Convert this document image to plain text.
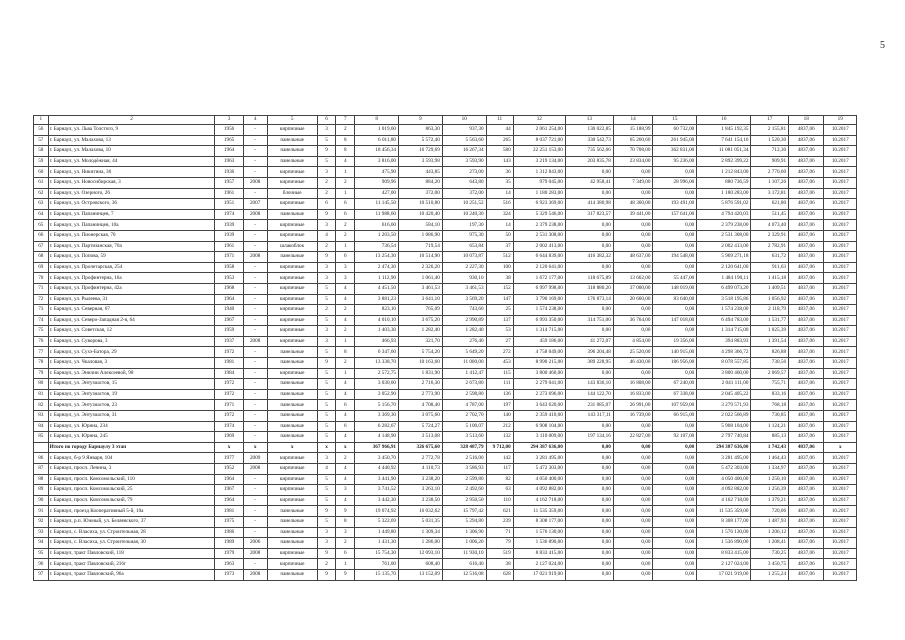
5
1	2	3	4	5	6	7	8	9	10	11	12	13	14	15	16	17	18	19
56	г. Барнаул, ул. Льва Толстого, 9	1956	-	кирпичные	3	2	1 019,60	863,30	937,30	44	2 061 254,00	130 022,85	15 188,99	60 732,00	1 845 192,35	2 155,81	4837,06	10.2017
57	г. Барнаул, ул. Малахова, 13	1965	-	панельные	5	8	6 011,80	5 572,40	5 563,60	265	8 037 721,00	330 542,73	65 260,60	261 945,00	7 641 154,16	1 520,30	4837,06	10.2017
58	г. Барнаул, ул. Малахова, 10	1964	-	панельные	9	8	18 456,34	16 729,69	16 267,34	580	22 251 153,00	735 562,66	70 708,00	362 831,00	11 081 051,34	712,30	4837,06	10.2017
59	г. Барнаул, ул. Молодёжная, 44	1963	-	панельные	5	4	3 816,00	3 593,98	3 593,90	143	3 219 134,00	203 835,78	23 834,00	95 236,00	2 892 399,22	909,91	4837,06	10.2017
60	г. Барнаул, ул. Никитина, 36	1936	-	кирпичные	3	1	475,90	443,85	273,00	36	1 312 843,00	0,00	0,00	0,00	1 212 843,00	2 770,60	4837,06	10.2017
61	г. Барнаул, ул. Новосибирская, 3	1957	2008	кирпичные	2	2	909,96	884,20	643,80	35	979 045,00	42 958,41	7 349,00	28 996,00	880 736,59	1 107,26	4837,06	10.2017
62	г. Барнаул, ул. Озерного, 26	1961	-	блочные	2	1	427,00	372,00	372,00	14	1 180 283,00	0,00	0,00	0,00	1 180 283,00	3 172,81	4837,06	10.2017
63	г. Барнаул, ул. Островского, 36	1951	2007	кирпичные	6	6	11 145,50	10 510,80	10 251,52	516	6 923 369,00	414 380,98	48 360,00	193 491,00	5 876 591,02	621,80	4837,06	10.2017
64	г. Барнаул, ул. Папанинцев, 7	1974	2008	панельные	9	6	11 988,60	10 420,40	10 240,30	324	5 329 546,00	317 823,57	39 441,00	157 641,00	4 794 420,03	511,45	4837,06	10.2017
65	г. Барнаул, ул. Папанинцев, 10а	1939	-	кирпичные	3	2	616,60	584,10	197,30	14	2 379 238,00	0,00	0,00	0,00	2 379 238,00	4 073,40	4837,06	10.2017
66	г. Барнаул, ул. Пионерская, 70	1939	-	кирпичные	4	2	1 203,50	1 086,90	975,30	50	2 531 308,00	0,00	0,00	0,00	2 531 308,00	2 329,91	4837,06	10.2017
67	г. Барнаул, ул. Партизанская, 70а	1961	-	шлакоблок	2	1	736,54	719,54	653,84	37	2 002 413,00	0,00	0,00	0,00	2 002 413,00	2 782,91	4837,06	10.2017
68	г. Барнаул, ул. Попова, 59	1971	2008	панельные	9	6	13 254,30	10 514,90	10 073,87	512	6 644 839,00	416 382,32	48 637,00	194 548,00	5 969 271,18	631,72	4837,06	10.2017
69	г. Барнаул, ул. Пролетарская, 254	1958	-	кирпичные	3	3	2 474,30	2 326,20	2 227,30	100	2 120 641,00	0,00	0,00	0,00	2 120 641,00	911,63	4837,06	10.2017
70	г. Барнаул, ул. Профинтерна, 16а	1953	-	кирпичные	3	3	1 112,90	1 061,40	930,10	38	1 672 177,00	118 675,89	13 662,00	55 447,00	1 484 190,11	1 415,18	4837,06	10.2017
71	г. Барнаул, ул. Профинтерна, 42а	1968	-	кирпичные	5	4	4 451,50	3 461,53	3 461,53	152	6 997 998,00	318 880,20	37 000,00	148 019,00	6 499 073,20	1 409,51	4837,06	10.2017
72	г. Барнаул, ул. Рылеева, 31	1964	-	кирпичные	5	4	3 881,23	3 641,10	3 569,20	147	3 790 169,00	176 873,14	20 660,00	83 640,00	3 518 195,86	1 056,92	4837,06	10.2017
73	г. Барнаул, ул. Северная, 67	1940	-	кирпичные	2	2	823,10	765,09	743,60	25	1 574 238,00	0,00	0,00	0,00	1 574 238,00	2 118,79	4837,06	10.2017
74	г. Барнаул, ул. Северо-Западная 2-я, 64	1967	-	кирпичные	5	4	4 010,10	3 675,20	2 990,89	137	6 993 350,00	314 751,00	36 764,00	147 018,00	6 494 783,00	1 531,77	4837,06	10.2017
75	г. Барнаул, ул. Советская, 12	1959	-	кирпичные	3	2	1 403,30	1 282,40	1 282,40	53	1 314 715,00	0,00	0,00	0,00	1 314 715,00	1 025,39	4837,06	10.2017
76	г. Барнаул, ул. Суворова, 3	1937	2008	кирпичные	3	1	466,93	321,70	276,40	27	459 186,00	41 272,07	4 854,00	19 356,00	394 883,93	1 391,54	4837,06	10.2017
77	г. Барнаул, ул. Сухэ-Батора, 29	1972	-	панельные	5	8	6 347,60	5 754,20	5 649,20	272	4 758 049,00	396 204,48	25 520,00	140 915,00	4 298 366,72	826,88	4837,06	10.2017
78	г. Барнаул, ул. Чкаловая, 3	1981	-	панельные	9	2	13 338,70	10 163,60	11 000,00	453	8 990 215,00	389 228,95	46 430,00	186 956,00	8 078 557,85	730,56	4837,06	10.2017
79	г. Барнаул, ул. Энилии Алексеевой, 98	1984	-	кирпичные	5	1	2 572,75	1 831,90	1 412,47	115	3 800 460,00	0,00	0,00	0,00	3 800 460,00	2 069,57	4837,06	10.2017
80	г. Барнаул, ул. Энтузиастов, 15	1972	-	панельные	5	4	3 030,00	2 716,30	2 673,80	111	2 279 041,00	143 836,10	16 808,00	67 240,00	2 041 111,00	755,71	4837,06	10.2017
81	г. Барнаул, ул. Энтузиастов, 19	1972	-	панельные	5	4	3 052,90	2 773,90	2 598,80	136	2 273 696,00	144 122,70	16 833,00	67 338,00	2 045 405,22	833,16	4837,06	10.2017
82	г. Барнаул, ул. Энтузиастов, 23	1971	-	панельные	5	6	5 156,70	4 708,40	4 787,00	197	3 643 620,00	231 085,07	26 991,00	107 959,00	3 279 571,93	768,18	4837,06	10.2017
83	г. Барнаул, ул. Энтузиастов, 31	1972	-	панельные	5	4	3 369,30	3 075,60	2 702,70	140	2 359 410,00	143 317,11	16 739,00	66 915,00	2 022 566,89	730,85	4837,06	10.2017
84	г. Барнаул, ул. Юрина, 234	1974	-	панельные	5	6	6 282,67	5 724,27	5 100,07	212	6 908 104,00	0,00	0,00	0,00	5 908 104,00	1 124,21	4837,06	10.2017
85	г. Барнаул, ул. Юрина, 245	1969	-	панельные	5	4	4 148,90	3 513,08	3 513,60	132	3 110 009,00	197 134,16	22 827,00	92 107,00	2 797 740,84	885,13	4837,06	10.2017
	Итого по городу Барнаулу 3 этап	x	x	x	x	x	367 966,91	326 675,60	328 487,79	9 712,00	294 387 636,00	0,00	0,00	0,00	294 387 636,00	1 742,43	4837,06	x
86	г. Барнаул, б-р 9 Января, 104	1977	2009	кирпичные	3	2	3 450,70	2 772,78	2 516,00	142	3 281 495,00	0,00	0,00	0,00	3 281 495,00	1 464,43	4837,06	10.2017
87	г. Барнаул, просп. Ленина, 3	1952	2008	кирпичные	4	4	4 440,92	4 110,73	3 586,93	117	5 472 303,00	0,00	0,00	0,00	5 472 303,00	1 334,97	4837,06	10.2017
88	г. Барнаул, просп. Комсомольский, 110	1964	-	кирпичные	5	4	3 441,90	3 238,20	2 599,80	82	4 050 400,00	0,00	0,00	0,00	4 050 400,00	1 250,10	4837,06	10.2017
89	г. Барнаул, просп. Комсомольский, 25	1967	-	кирпичные	5	3	3 741,52	3 263,10	2 492,60	63	4 092 882,00	0,00	0,00	0,00	4 092 882,00	1 256,39	4837,06	10.2017
90	г. Барнаул, просп. Комсомольский, 79	1964	-	кирпичные	5	4	3 442,30	3 238,50	2 950,50	110	4 162 718,00	0,00	0,00	0,00	4 162 718,00	1 379,21	4837,06	10.2017
91	г. Барнаул, проезд Кооперативный 5-й, 10а	1981	-	панельные	9	9	19 074,92	16 032,62	15 797,42	621	11 535 359,00	0,00	0,00	0,00	11 535 359,00	720,06	4837,06	10.2017
92	г. Барнаул, р.п. Южный, ул. Беляевского, 37	1975	-	панельные	5	8	5 322,69	5 031,35	5 294,80	239	8 308 177,00	0,00	0,00	0,00	8 308 177,00	1 487,93	4837,06	10.2017
93	г. Барнаул, с. Власиха, ул. Строительная, 28	1986	-	панельные	3	3	1 449,80	1 309,34	1 306,90	71	1 576 130,00	0,00	0,00	0,00	1 576 130,00	1 206,12	4837,06	10.2017
94	г. Барнаул, с. Власиха, ул. Строительная, 30	1989	2006	панельные	3	2	1 431,30	1 286,00	1 006,20	79	1 536 890,00	0,00	0,00	0,00	1 536 890,00	1 208,41	4837,06	10.2017
95	г. Барнаул, тракт Павловский, 118	1979	2008	кирпичные	9	6	15 754,30	12 093,10	11 930,10	519	8 833 415,00	0,00	0,00	0,00	8 833 415,00	730,25	4837,06	10.2017
96	г. Барнаул, тракт Павловский, 216г	1963	-	кирпичные	2	1	761,00	608,40	616,40	38	2 127 024,00	0,00	0,00	0,00	2 127 024,00	3 450,75	4837,06	10.2017
97	г. Барнаул, тракт Павловский, 96а	1973	2008	панельные	9	9	15 135,70	13 152,09	12 516,08	628	17 021 919,00	0,00	0,00	0,00	17 021 919,00	1 255,24	4837,06	10.2017
